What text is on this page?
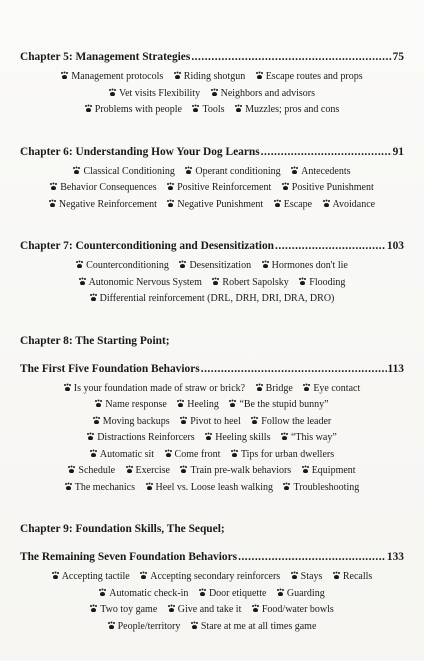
Chapter 5: Management Strategies .....	75
Management protocols Riding shotgun Escape routes and props
Vet visits Flexibility Neighbors and advisors
Problems with people Tools Muzzles; pros and cons
Chapter 6: Understanding How Your Dog Learns .....	91
Classical Conditioning Operant conditioning Antecedents
Behavior Consequences Positive Reinforcement Positive Punishment
Negative Reinforcement Negative Punishment Escape Avoidance
Chapter 7: Counterconditioning and Desensitization .....	103
Counterconditioning Desensitization Hormones don't lie
Autonomic Nervous System Robert Sapolsky Flooding
Differential reinforcement (DRL, DRH, DRI, DRA, DRO)
Chapter 8: The Starting Point;
The First Five Foundation Behaviors .....	113
Is your foundation made of straw or brick? Bridge Eye contact
Name response Heeling “Be the stupid bunny”
Moving backups Pivot to heel Follow the leader
Distractions Reinforcers Heeling skills “This way”
Automatic sit Come front Tips for urban dwellers
Schedule Exercise Train pre-walk behaviors Equipment
The mechanics Heel vs. Loose leash walking Troubleshooting
Chapter 9: Foundation Skills, The Sequel;
The Remaining Seven Foundation Behaviors .....	133
Accepting tactile Accepting secondary reinforcers Stays Recalls
Automatic check-in Door etiquette Guarding
Two toy game Give and take it Food/water bowls
People/territory Stare at me at all times game
